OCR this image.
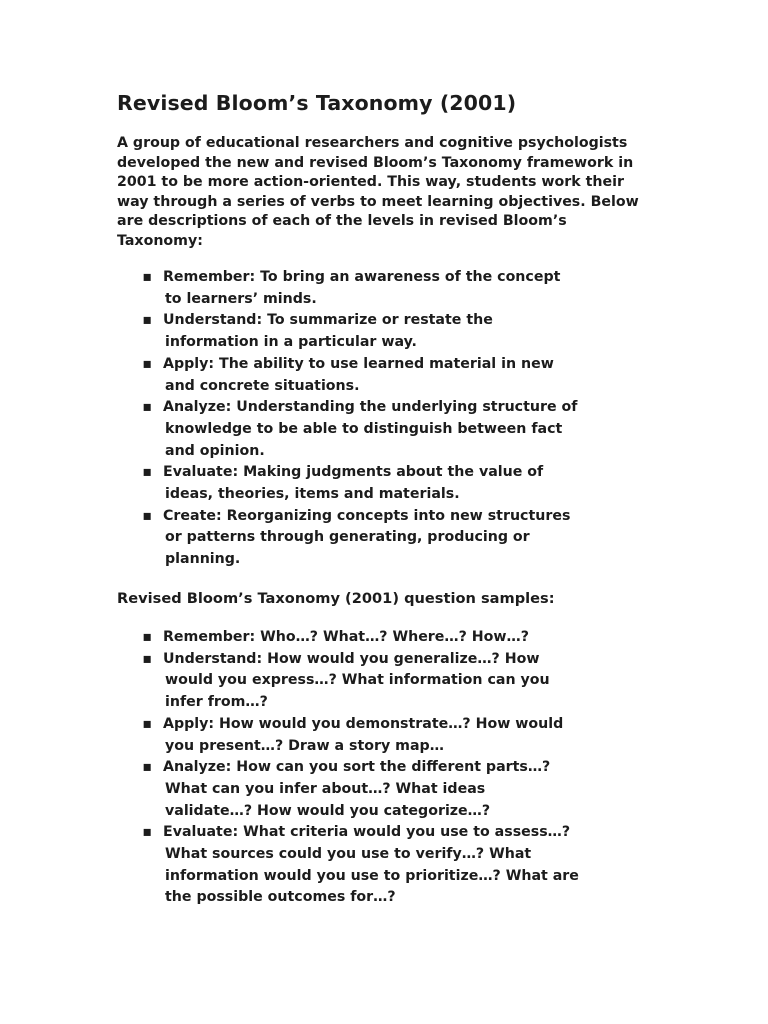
Revised Bloom’s Taxonomy (2001)

A group of educational researchers and cognitive psychologists developed the new and revised Bloom’s Taxonomy framework in 2001 to be more action-oriented. This way, students work their way through a series of verbs to meet learning objectives. Below are descriptions of each of the levels in revised Bloom’s Taxonomy:

▪ Remember: To bring an awareness of the concept
to learners’ minds.
▪ Understand: To summarize or restate the
information in a particular way.
▪ Apply: The ability to use learned material in new
and concrete situations.
▪ Analyze: Understanding the underlying structure of
knowledge to be able to distinguish between fact
and opinion.
▪ Evaluate: Making judgments about the value of
ideas, theories, items and materials.
▪ Create: Reorganizing concepts into new structures
or patterns through generating, producing or
planning.
Revised Bloom’s Taxonomy (2001) question samples:
▪ Remember: Who…? What…? Where…? How…?
▪ Understand: How would you generalize…? How
would you express…? What information can you
infer from…?
▪ Apply: How would you demonstrate…? How would
you present…? Draw a story map…
▪ Analyze: How can you sort the different parts…?
What can you infer about…? What ideas
validate…? How would you categorize…?
▪ Evaluate: What criteria would you use to assess…?
What sources could you use to verify…? What
information would you use to prioritize…? What are
the possible outcomes for…?
